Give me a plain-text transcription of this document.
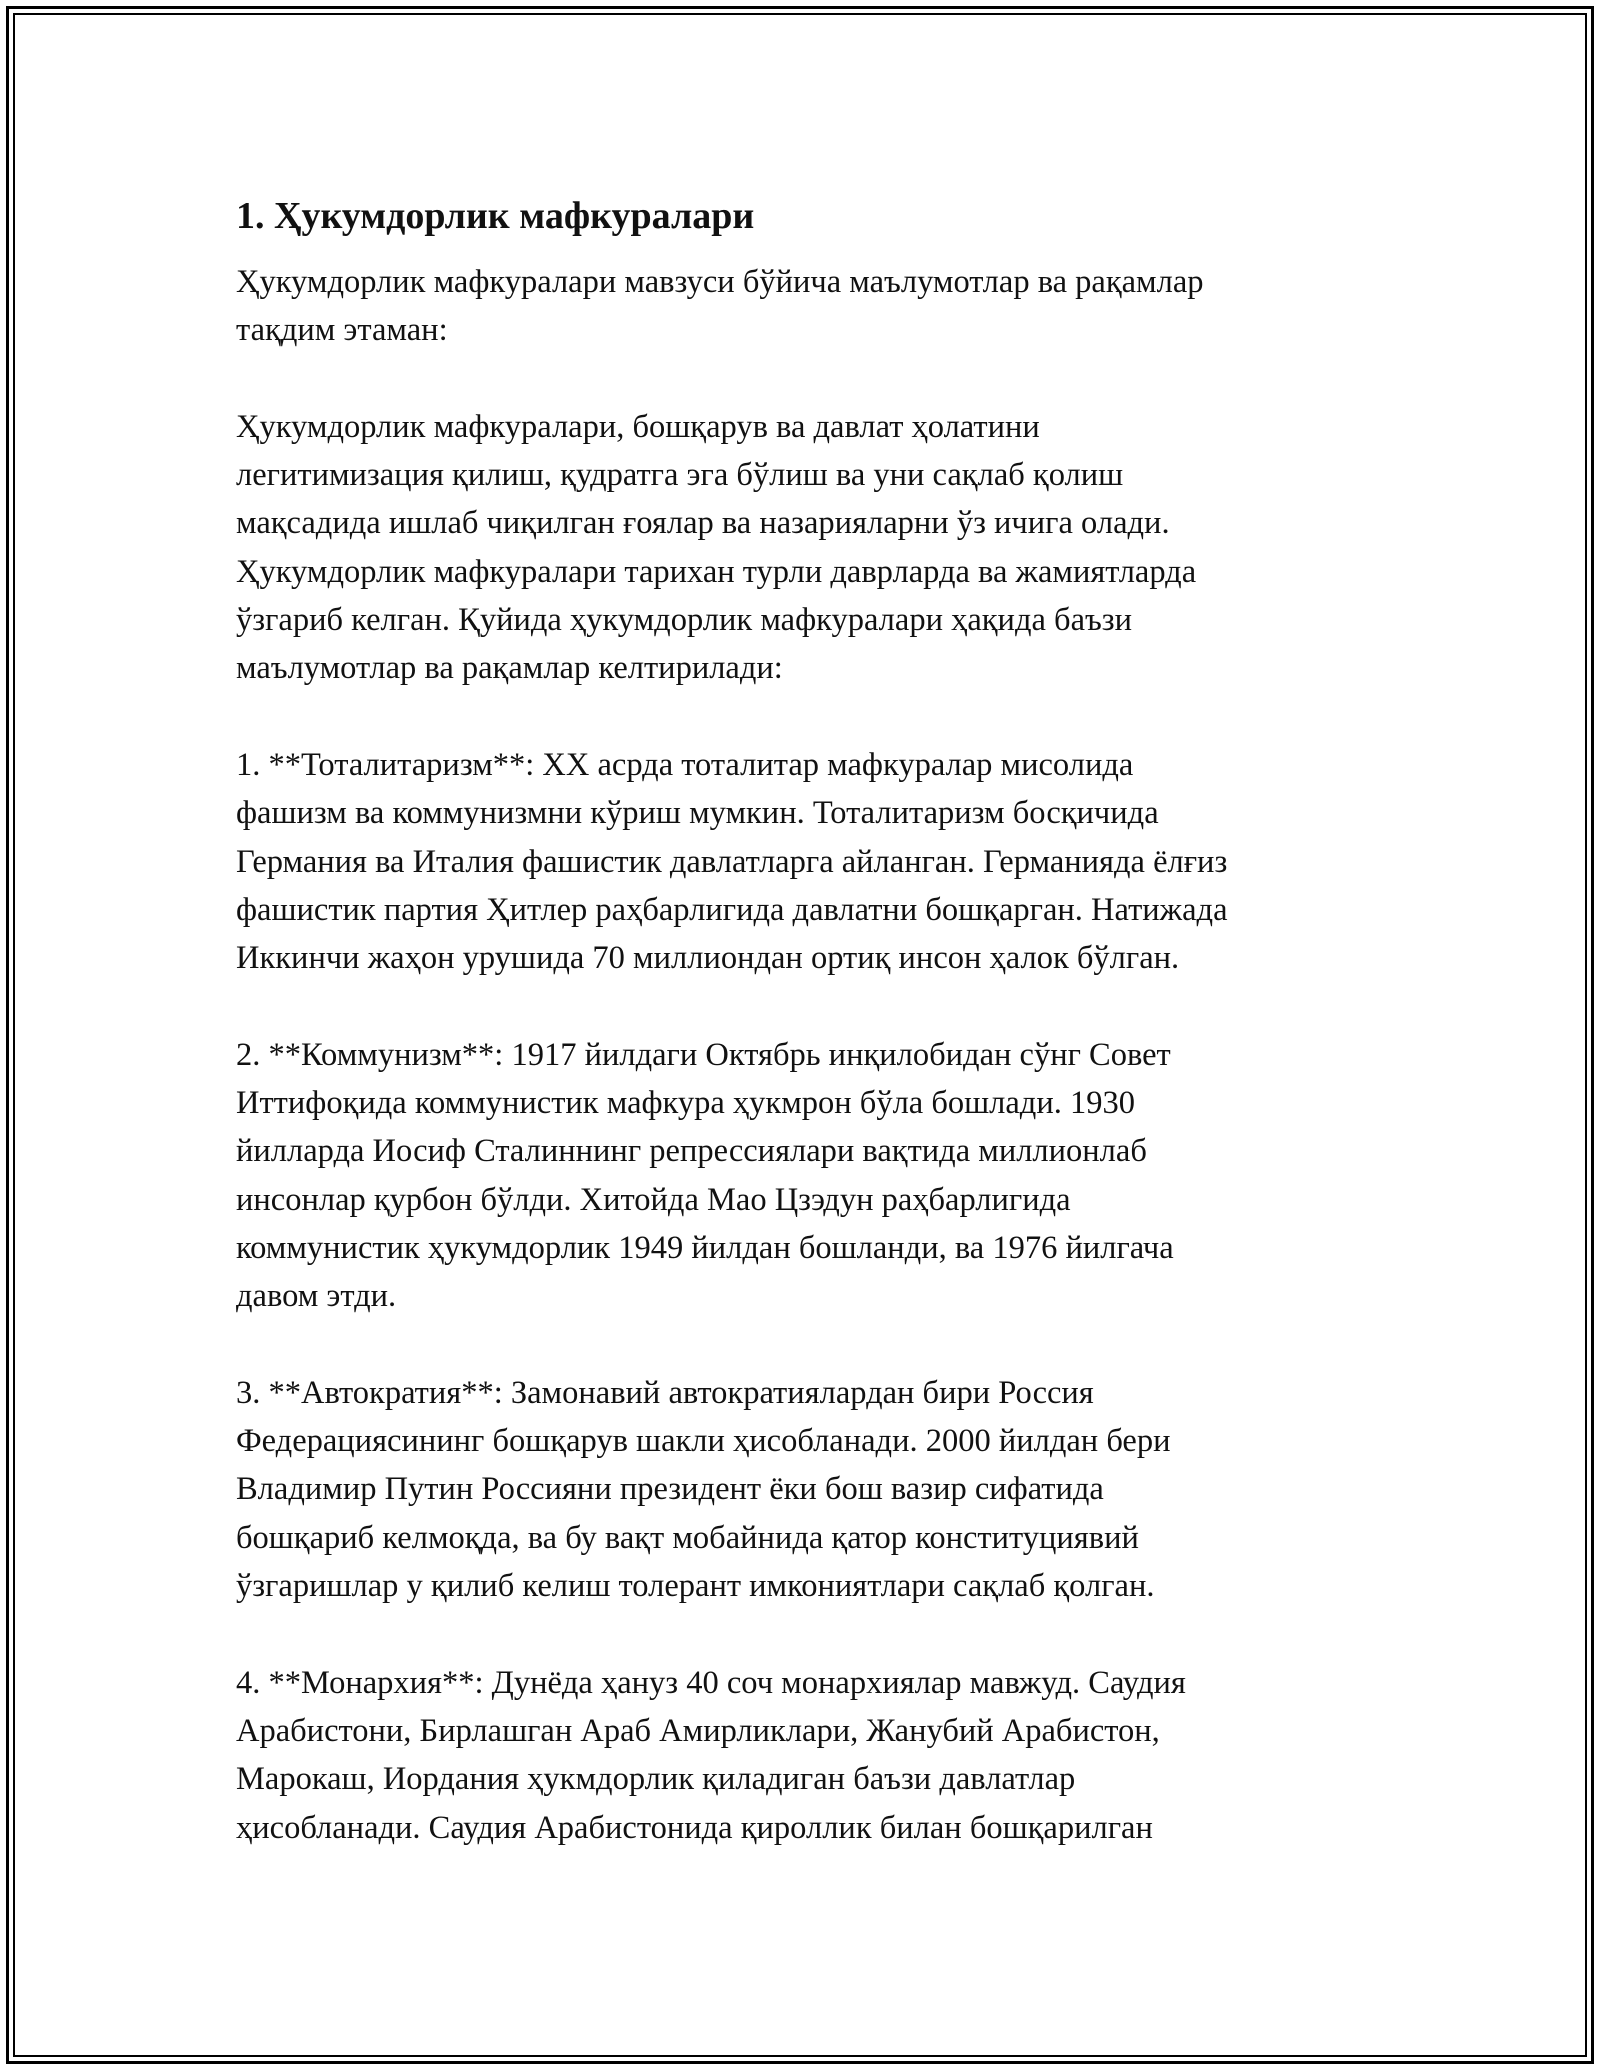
1. Ҳукумдорлик мафкуралари

Ҳукумдорлик мафкуралари мавзуси бўйича маълумотлар ва рақамлар
тақдим этаман:

Ҳукумдорлик мафкуралари, бошқарув ва давлат ҳолатини
легитимизация қилиш, қудратга эга бўлиш ва уни сақлаб қолиш
мақсадида ишлаб чиқилган ғоялар ва назарияларни ўз ичига олади.
Ҳукумдорлик мафкуралари тарихан турли даврларда ва жамиятларда
ўзгариб келган. Қуйида ҳукумдорлик мафкуралари ҳақида баъзи
маълумотлар ва рақамлар келтирилади:

1. **Тоталитаризм**: XX асрда тоталитар мафкуралар мисолида
фашизм ва коммунизмни кўриш мумкин. Тоталитаризм босқичида
Германия ва Италия фашистик давлатларга айланган. Германияда ёлғиз
фашистик партия Ҳитлер раҳбарлигида давлатни бошқарган. Натижада
Иккинчи жаҳон урушида 70 миллиондан ортиқ инсон ҳалок бўлган.

2. **Коммунизм**: 1917 йилдаги Октябрь инқилобидан сўнг Совет
Иттифоқида коммунистик мафкура ҳукмрон бўла бошлади. 1930
йилларда Иосиф Сталиннинг репрессиялари вақтида миллионлаб
инсонлар қурбон бўлди. Хитойда Мао Цзэдун раҳбарлигида
коммунистик ҳукумдорлик 1949 йилдан бошланди, ва 1976 йилгача
давом этди.

3. **Автократия**: Замонавий автократиялардан бири Россия
Федерациясининг бошқарув шакли ҳисобланади. 2000 йилдан бери
Владимир Путин Россияни президент ёки бош вазир сифатида
бошқариб келмоқда, ва бу вақт мобайнида қатор конституциявий
ўзгаришлар у қилиб келиш толерант имкониятлари сақлаб қолган.

4. **Монархия**: Дунёда ҳануз 40 соч монархиялар мавжуд. Саудия
Арабистони, Бирлашган Араб Амирликлари, Жанубий Арабистон,
Марокаш, Иордания ҳукмдорлик қиладиган баъзи давлатлар
ҳисобланади. Саудия Арабистонида қироллик билан бошқарилган
